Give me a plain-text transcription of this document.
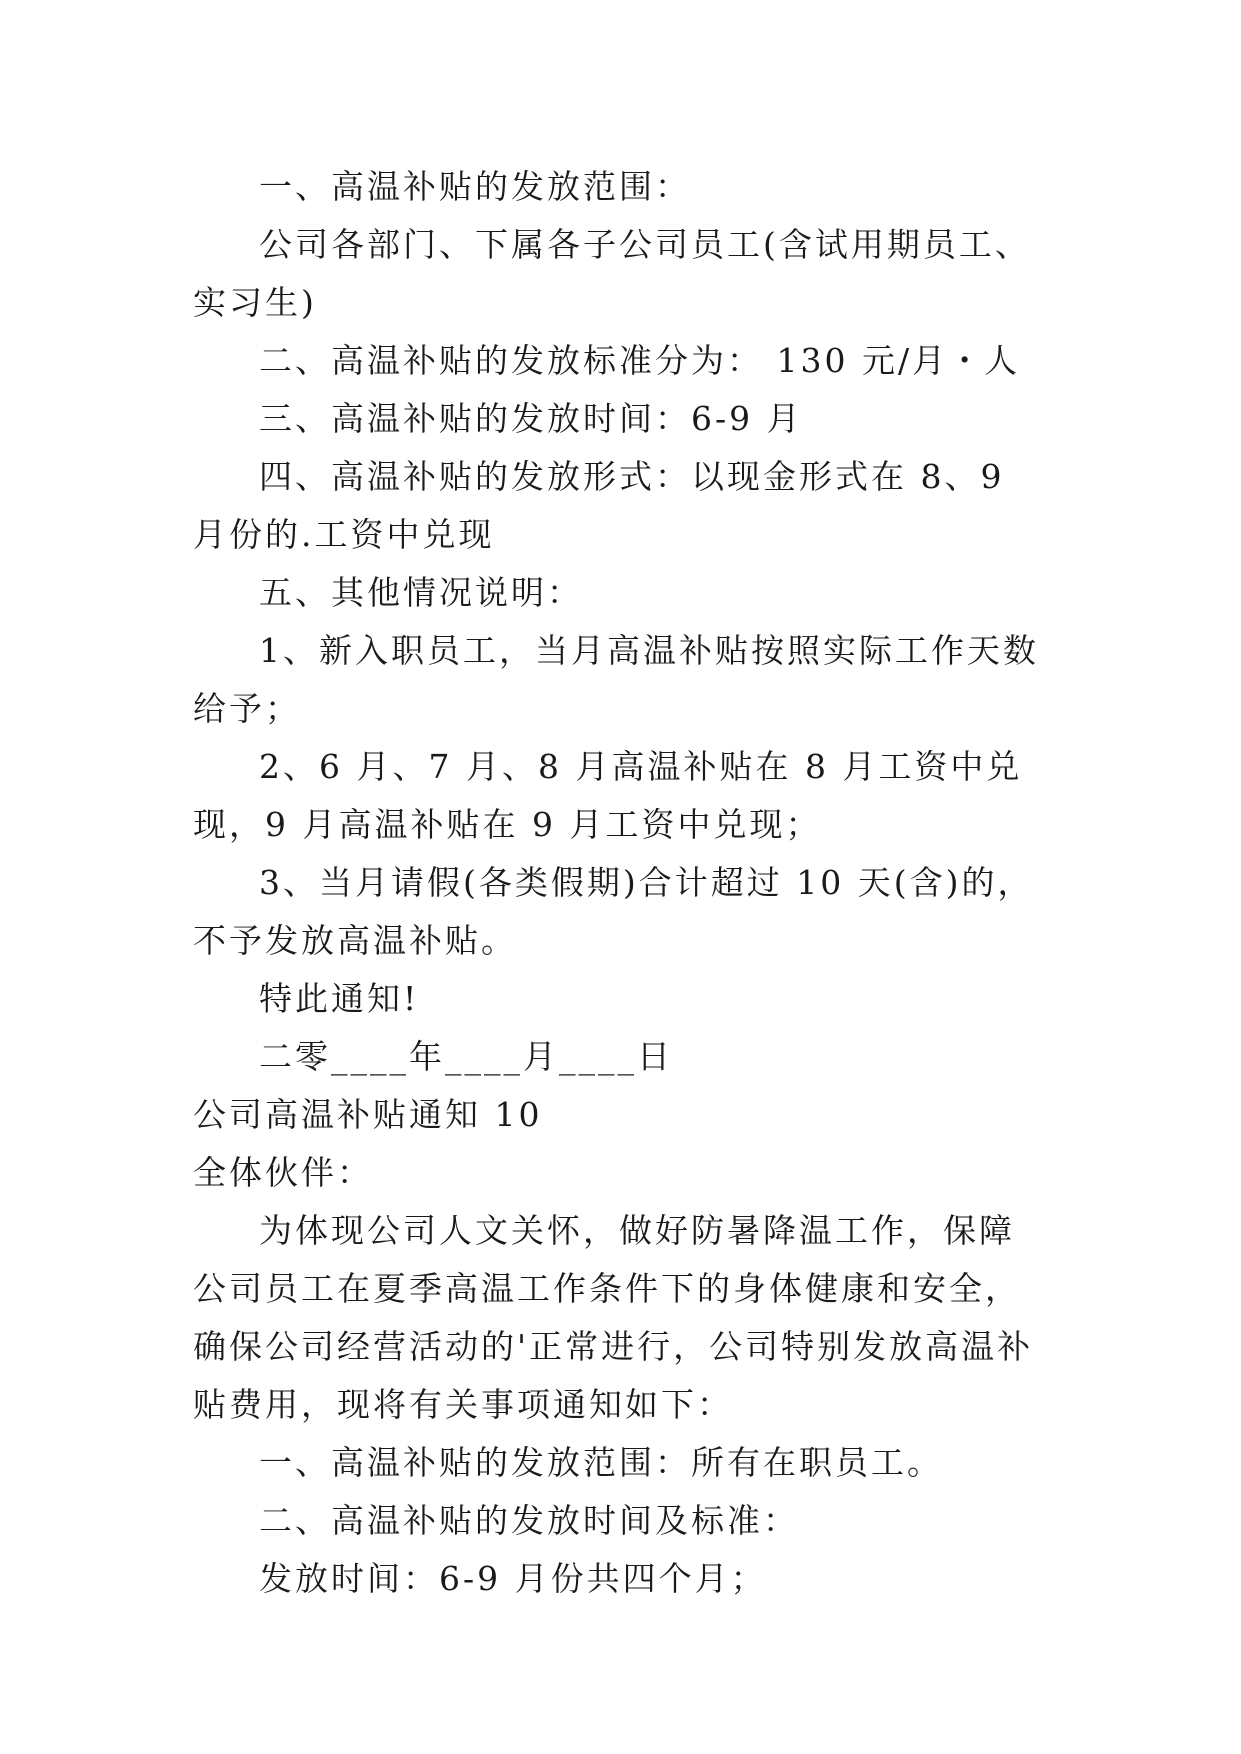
一、高温补贴的发放范围：

公司各部门、下属各子公司员工(含试用期员工、实习生)

二、高温补贴的发放标准分为： 130 元/月・人

三、高温补贴的发放时间：6-9 月

四、高温补贴的发放形式：以现金形式在 8、9 月份的.工资中兑现

五、其他情况说明：

1、新入职员工，当月高温补贴按照实际工作天数给予；

2、6 月、7 月、8 月高温补贴在 8 月工资中兑现，9 月高温补贴在 9 月工资中兑现；

3、当月请假(各类假期)合计超过 10 天(含)的，不予发放高温补贴。

特此通知!

二零____年____月____日

公司高温补贴通知 10

全体伙伴：

为体现公司人文关怀，做好防暑降温工作，保障公司员工在夏季高温工作条件下的身体健康和安全，确保公司经营活动的'正常进行，公司特别发放高温补贴费用，现将有关事项通知如下：

一、高温补贴的发放范围：所有在职员工。

二、高温补贴的发放时间及标准：

发放时间：6-9 月份共四个月；
